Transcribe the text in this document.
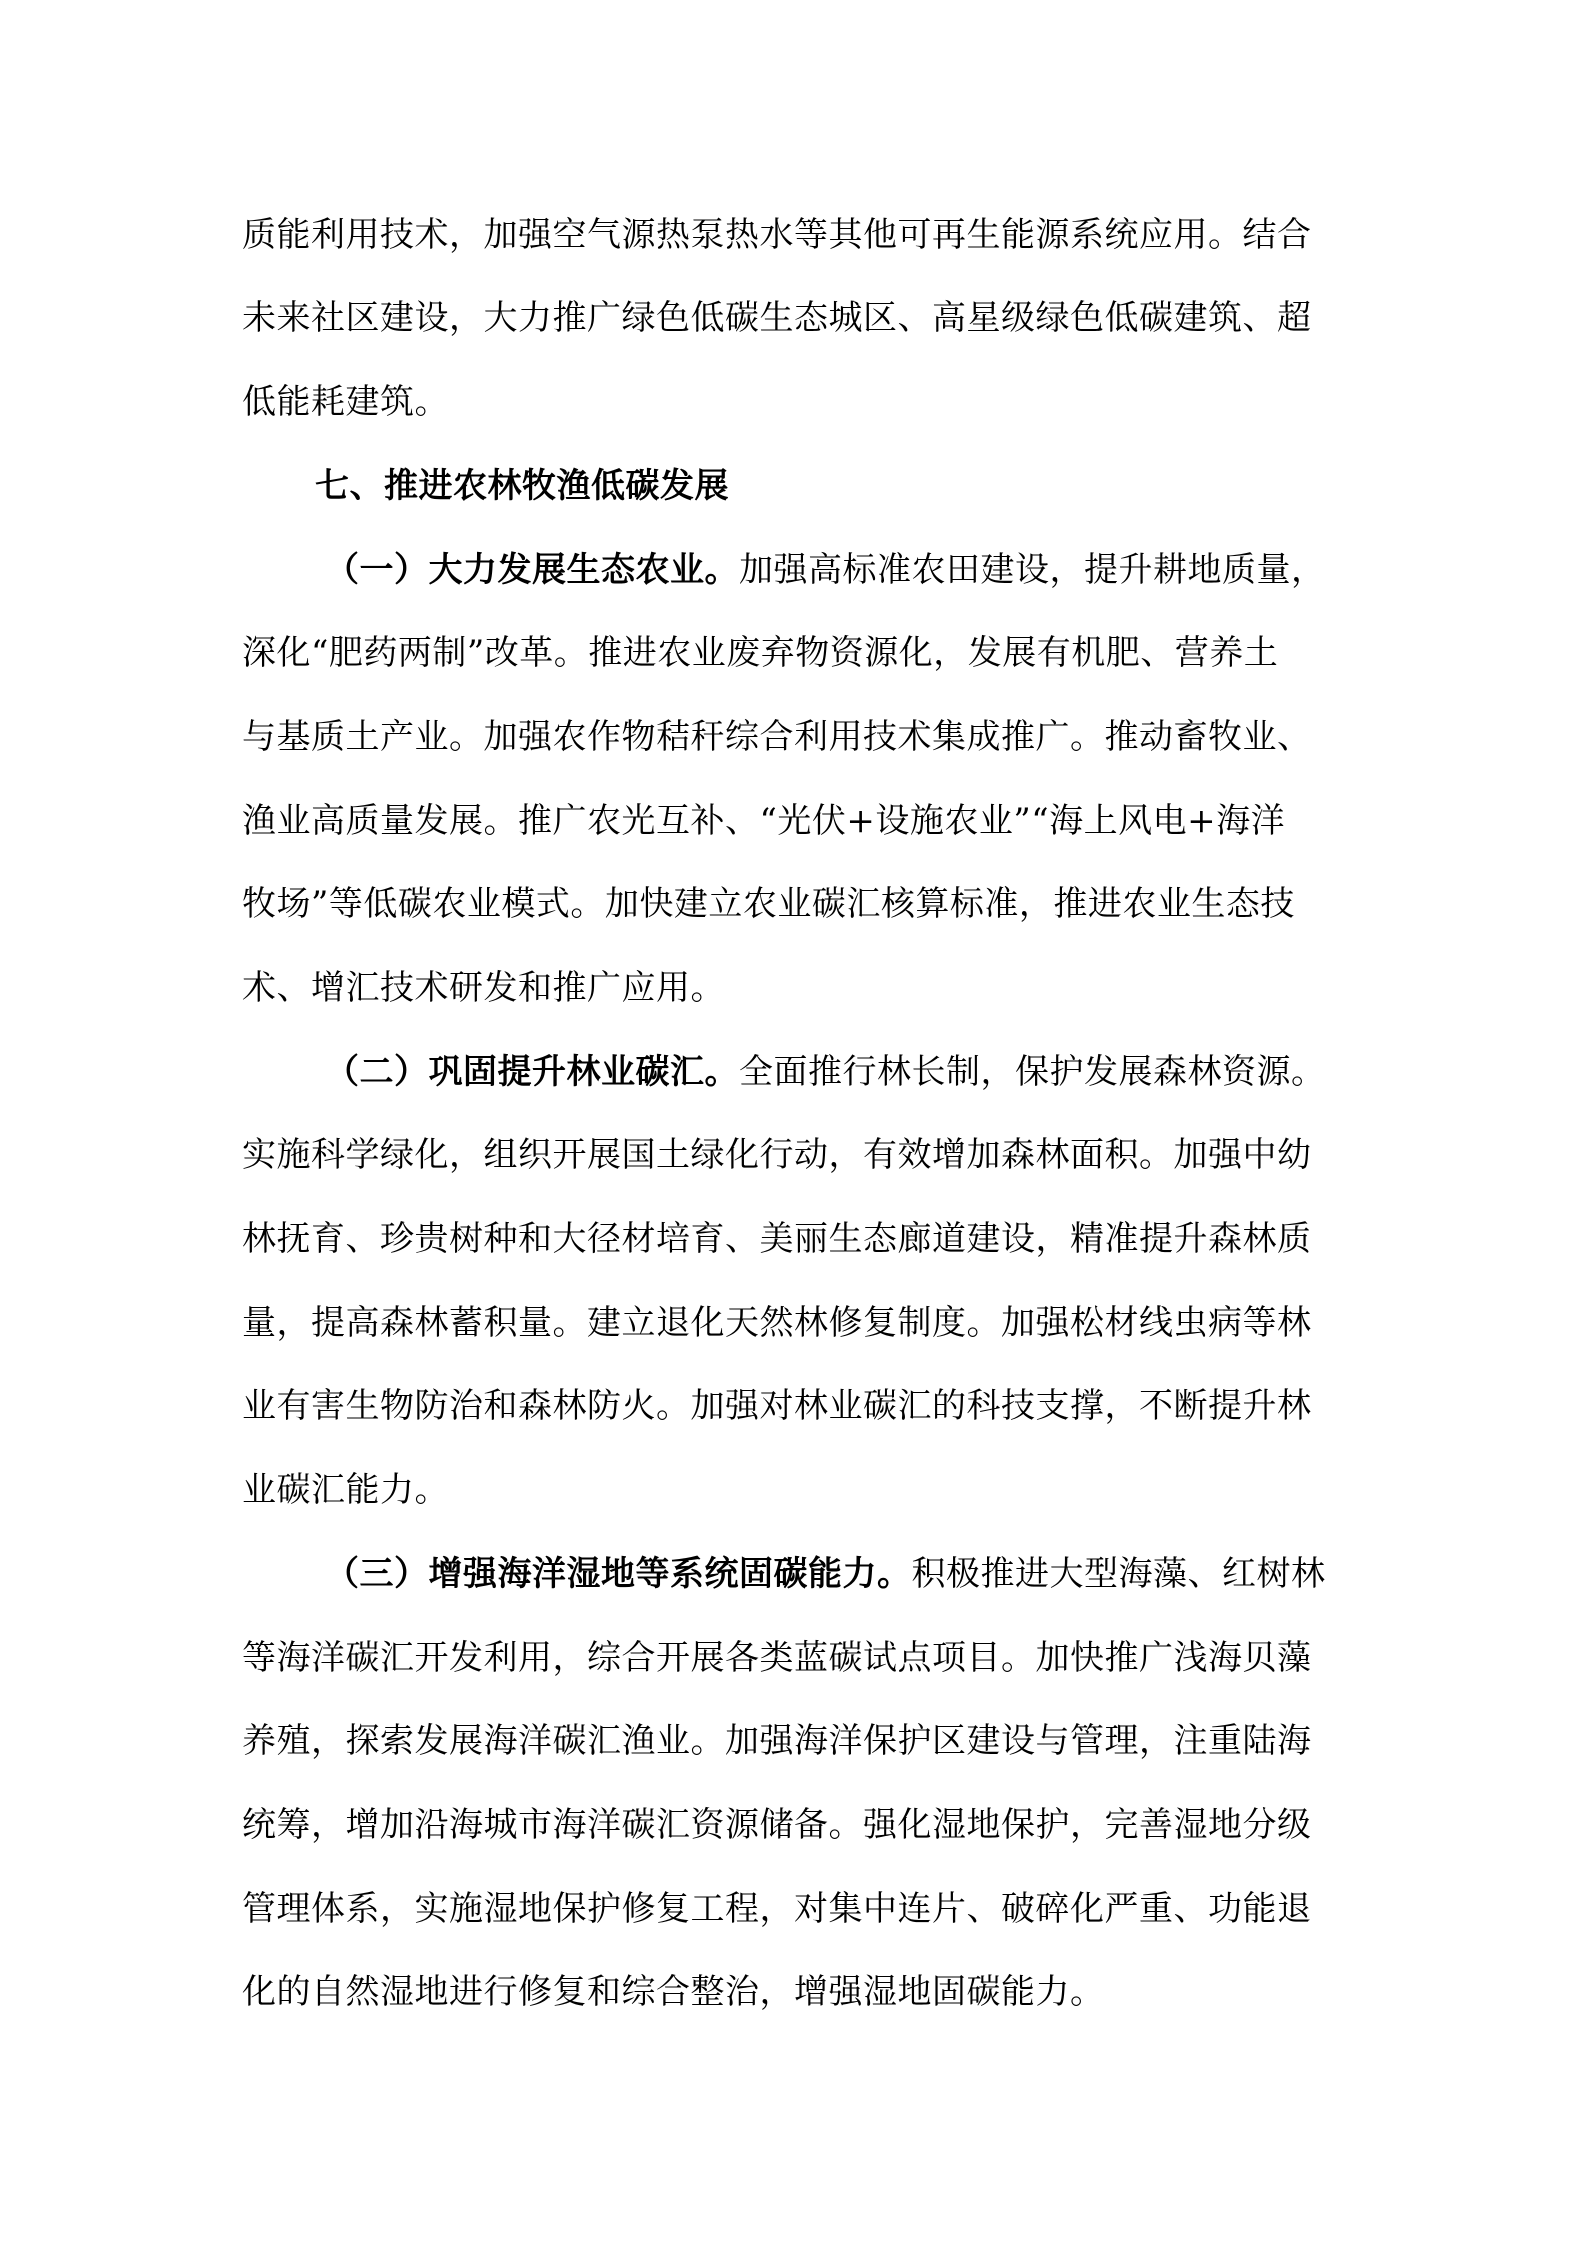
质能利用技术，加强空气源热泵热水等其他可再生能源系统应用。结合
未来社区建设，大力推广绿色低碳生态城区、高星级绿色低碳建筑、超
低能耗建筑。
七、推进农林牧渔低碳发展
（一）大力发展生态农业。加强高标准农田建设，提升耕地质量，
深化“肥药两制”改革。推进农业废弃物资源化，发展有机肥、营养土
与基质土产业。加强农作物秸秆综合利用技术集成推广。推动畜牧业、
渔业高质量发展。推广农光互补、“光伏+设施农业”“海上风电+海洋
牧场”等低碳农业模式。加快建立农业碳汇核算标准，推进农业生态技
术、增汇技术研发和推广应用。
（二）巩固提升林业碳汇。全面推行林长制，保护发展森林资源。
实施科学绿化，组织开展国土绿化行动，有效增加森林面积。加强中幼
林抚育、珍贵树种和大径材培育、美丽生态廊道建设，精准提升森林质
量，提高森林蓄积量。建立退化天然林修复制度。加强松材线虫病等林
业有害生物防治和森林防火。加强对林业碳汇的科技支撑，不断提升林
业碳汇能力。
（三）增强海洋湿地等系统固碳能力。积极推进大型海藻、红树林
等海洋碳汇开发利用，综合开展各类蓝碳试点项目。加快推广浅海贝藻
养殖，探索发展海洋碳汇渔业。加强海洋保护区建设与管理，注重陆海
统筹，增加沿海城市海洋碳汇资源储备。强化湿地保护，完善湿地分级
管理体系，实施湿地保护修复工程，对集中连片、破碎化严重、功能退
化的自然湿地进行修复和综合整治，增强湿地固碳能力。
